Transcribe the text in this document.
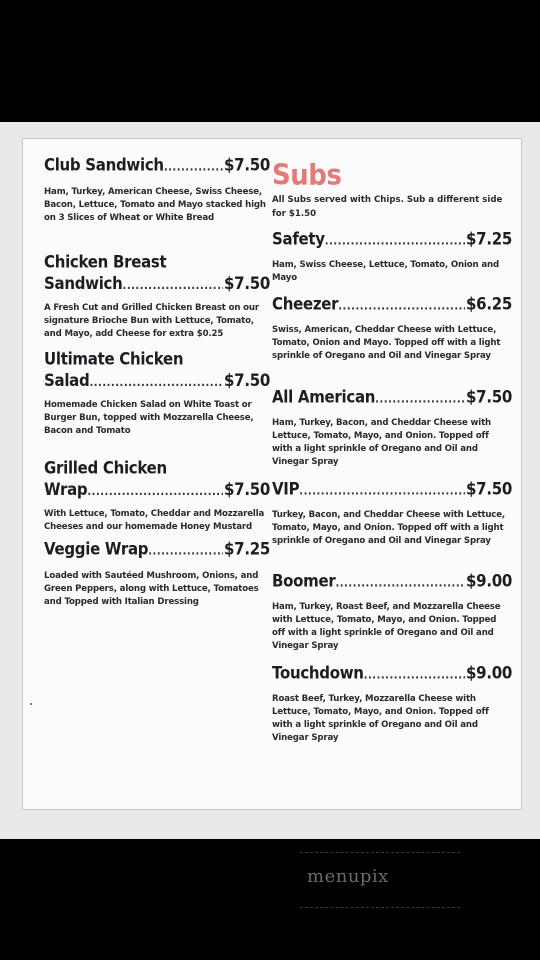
Club Sandwich .....	$7.50
Ham, Turkey, American Cheese, Swiss Cheese, Bacon, Lettuce, Tomato and Mayo stacked high on 3 Slices of Wheat or White Bread
Chicken Breast
Sandwich .....	$7.50
A Fresh Cut and Grilled Chicken Breast on our signature Brioche Bun with Lettuce, Tomato, and Mayo, add Cheese for extra $0.25
Ultimate Chicken
Salad .....	$7.50
Homemade Chicken Salad on White Toast or Burger Bun, topped with Mozzarella Cheese, Bacon and Tomato
Grilled Chicken
Wrap .....	$7.50
With Lettuce, Tomato, Cheddar and Mozzarella Cheeses and our homemade Honey Mustard
Veggie Wrap .....	$7.25
Loaded with Sautéed Mushroom, Onions, and Green Peppers, along with Lettuce, Tomatoes and Topped with Italian Dressing
Subs
All Subs served with Chips. Sub a different side for $1.50
Safety .....	$7.25
Ham, Swiss Cheese, Lettuce, Tomato, Onion and Mayo
Cheezer .....	$6.25
Swiss, American, Cheddar Cheese with Lettuce, Tomato, Onion and Mayo. Topped off with a light sprinkle of Oregano and Oil and Vinegar Spray
All American .....	$7.50
Ham, Turkey, Bacon, and Cheddar Cheese with Lettuce, Tomato, Mayo, and Onion. Topped off with a light sprinkle of Oregano and Oil and Vinegar Spray
VIP .....	$7.50
Turkey, Bacon, and Cheddar Cheese with Lettuce, Tomato, Mayo, and Onion. Topped off with a light sprinkle of Oregano and Oil and Vinegar Spray
Boomer .....	$9.00
Ham, Turkey, Roast Beef, and Mozzarella Cheese with Lettuce, Tomato, Mayo, and Onion. Topped off with a light sprinkle of Oregano and Oil and Vinegar Spray
Touchdown .....	$9.00
Roast Beef, Turkey, Mozzarella Cheese with Lettuce, Tomato, Mayo, and Onion. Topped off with a light sprinkle of Oregano and Oil and Vinegar Spray
menupix
